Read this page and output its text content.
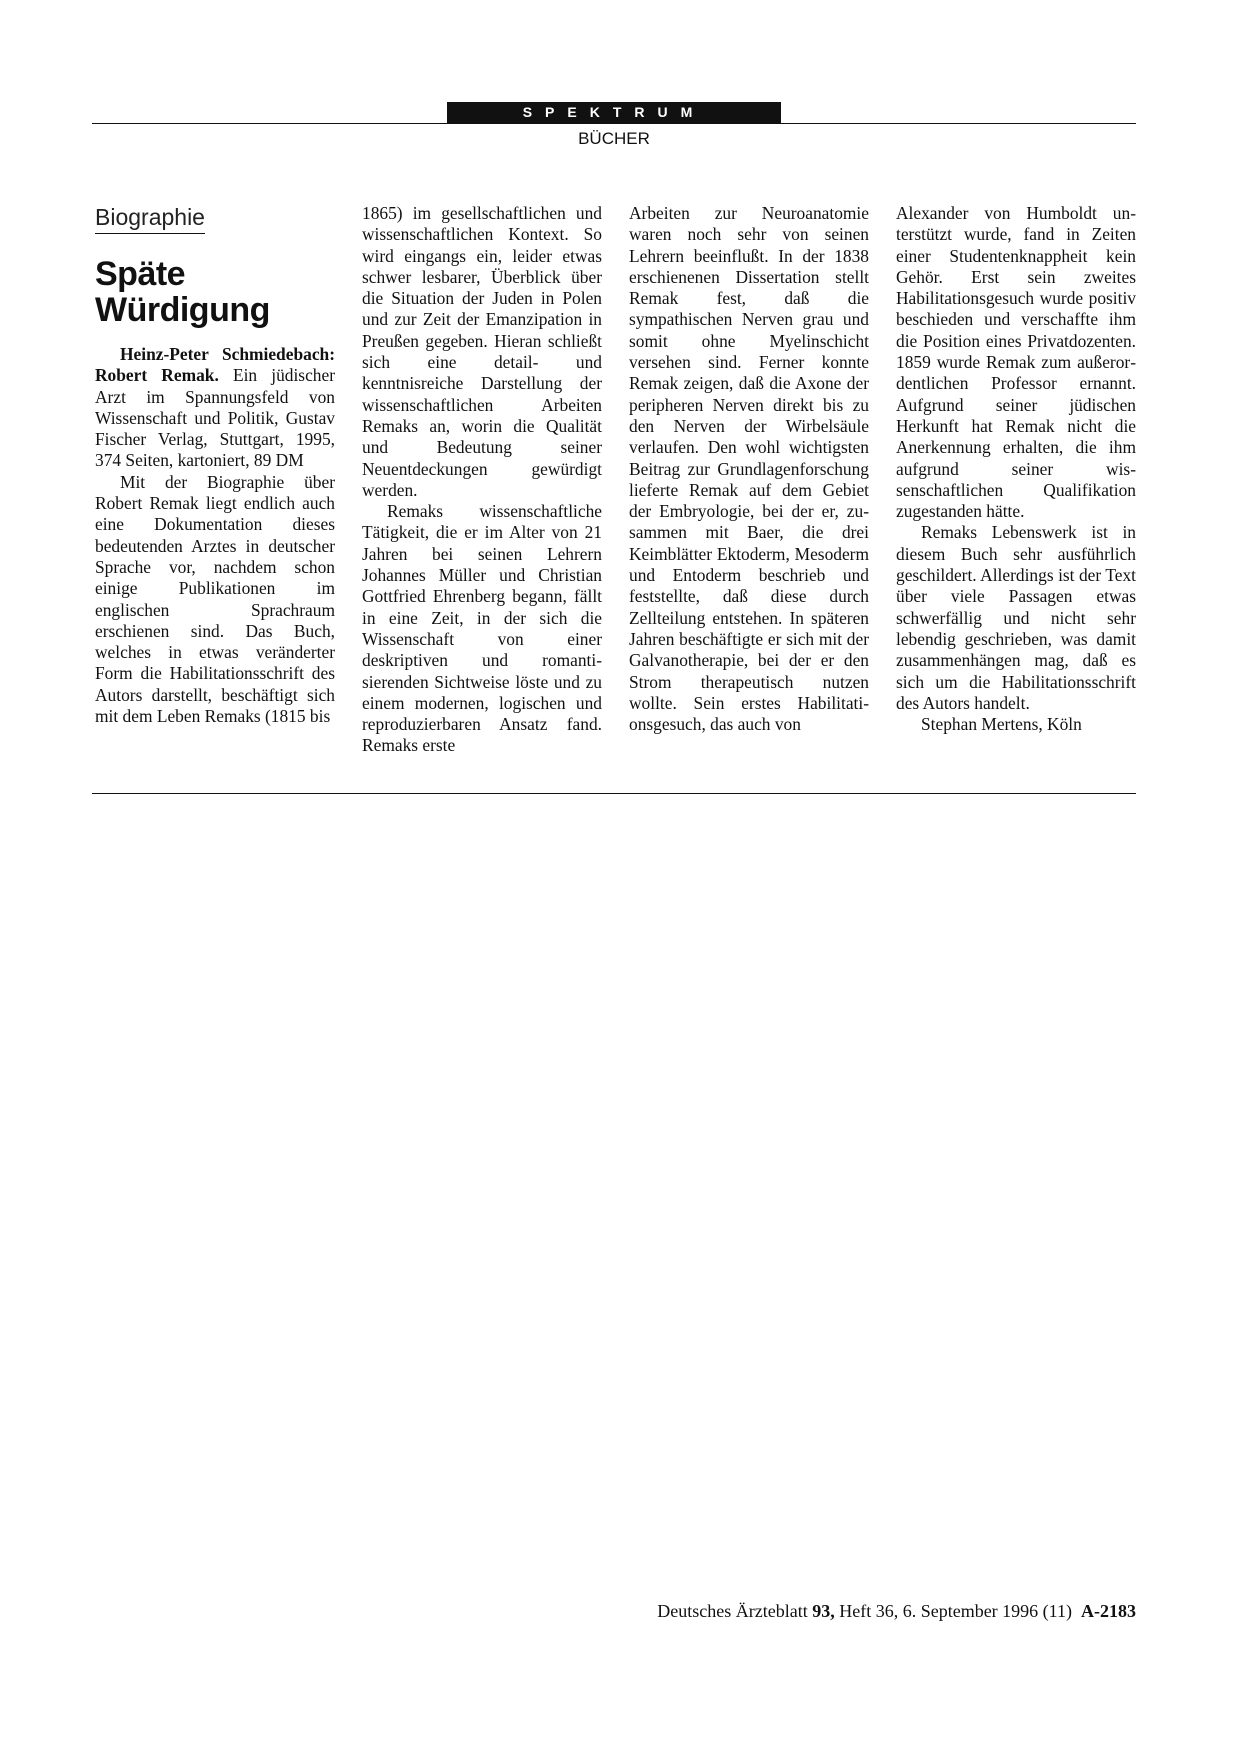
SPEKTRUM
BÜCHER
Biographie
Späte
Würdigung

Heinz-Peter Schmiedebach: Robert Remak. Ein jüdischer Arzt im Spannungsfeld von Wissenschaft und Politik, Gustav Fischer Verlag, Stuttgart, 1995, 374 Seiten, kartoniert, 89 DM

Mit der Biographie über Robert Remak liegt endlich auch eine Dokumentation dieses bedeutenden Arztes in deutscher Sprache vor, nachdem schon einige Publikationen im englischen Sprachraum erschienen sind. Das Buch, welches in etwas veränderter Form die Habilitationsschrift des Autors darstellt, beschäftigt sich mit dem Leben Remaks (1815 bis

1865) im gesellschaftlichen und wissenschaftlichen Kontext. So wird eingangs ein, leider etwas schwer lesbarer, Überblick über die Situation der Juden in Polen und zur Zeit der Emanzipation in Preußen gegeben. Hieran schließt sich eine detail- und kenntnisreiche Darstellung der wissenschaftlichen Arbeiten Remaks an, worin die Qualität und Bedeutung seiner Neuentdeckungen gewürdigt werden.

Remaks wissenschaftliche Tätigkeit, die er im Alter von 21 Jahren bei seinen Lehrern Johannes Müller und Christian Gottfried Ehrenberg begann, fällt in eine Zeit, in der sich die Wissenschaft von einer deskriptiven und romantisierenden Sichtweise löste und zu einem modernen, logischen und reproduzierbaren Ansatz fand. Remaks erste

Arbeiten zur Neuroanatomie waren noch sehr von seinen Lehrern beeinflußt. In der 1838 erschienenen Dissertation stellt Remak fest, daß die sympathischen Nerven grau und somit ohne Myelinschicht versehen sind. Ferner konnte Remak zeigen, daß die Axone der peripheren Nerven direkt bis zu den Nerven der Wirbelsäule verlaufen. Den wohl wichtigsten Beitrag zur Grundlagenforschung lieferte Remak auf dem Gebiet der Embryologie, bei der er, zusammen mit Baer, die drei Keimblätter Ektoderm, Mesoderm und Entoderm beschrieb und feststellte, daß diese durch Zellteilung entstehen. In späteren Jahren beschäftigte er sich mit der Galvanotherapie, bei der er den Strom therapeutisch nutzen wollte. Sein erstes Habilitationsgesuch, das auch von

Alexander von Humboldt unterstützt wurde, fand in Zeiten einer Studentenknappheit kein Gehör. Erst sein zweites Habilitationsgesuch wurde positiv beschieden und verschaffte ihm die Position eines Privatdozenten. 1859 wurde Remak zum außerordentlichen Professor ernannt. Aufgrund seiner jüdischen Herkunft hat Remak nicht die Anerkennung erhalten, die ihm aufgrund seiner wissenschaftlichen Qualifikation zugestanden hätte.

Remaks Lebenswerk ist in diesem Buch sehr ausführlich geschildert. Allerdings ist der Text über viele Passagen etwas schwerfällig und nicht sehr lebendig geschrieben, was damit zusammenhängen mag, daß es sich um die Habilitationsschrift des Autors handelt.

Stephan Mertens, Köln

Deutsches Ärzteblatt 93, Heft 36, 6. September 1996 (11) A-2183
